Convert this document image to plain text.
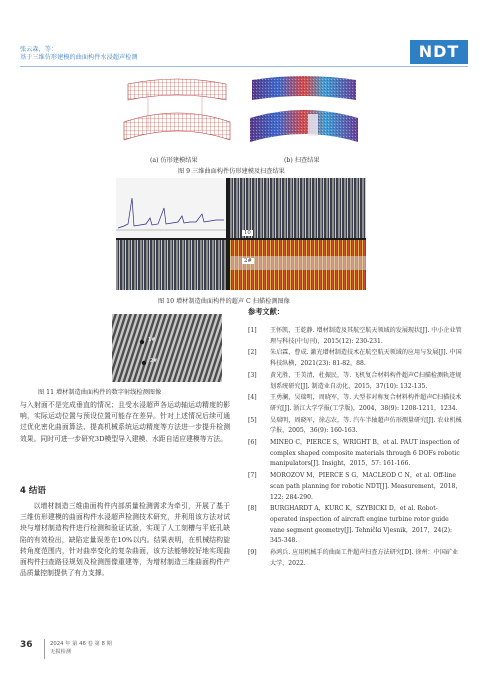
张云森，等：
基于三维仿形建模的曲面构件水浸超声检测	NDT
(a) 仿形建模结果	(b) 扫查结果
图 9 三维曲面构件仿形建模及扫查结果
10
2#
图 10 增材制造曲面构件的超声 C 扫描检测图像
1#
2#
图 11 增材制造曲面构件的数字射线检测图像
与入射面不是完成垂直的情况；且受水浸超声各运动轴运动精度的影响，实际运动位置与预设位置可能存在差异。针对上述情况后续可通过优化密化曲面算法、提高机械系统运动精度等方法进一步提升检测效果。同时可进一步研究3D模型导入建模、水距自适应建模等方法。
4 结语
以增材制造三维曲面构件内部质量检测需求为牵引，开展了基于三维仿形建模的曲面构件水浸超声检测技术研究，并利用该方法对试块与增材制造构件进行检测和验证试验，实现了人工刻槽与平底孔缺陷的有效检出，缺陷定量误差在10%以内。结果表明，在机械结构旋转角度范围内，针对曲率变化的复杂曲面，该方法能够较好地实现曲面构件扫查路径规划及检测图像重建等，为增材制造三维曲面构件产品质量控制提供了有力支撑。
参考文献：
[1] 王怀凯，王乾静. 增材制造及其航空航天领域的发展现状[J]. 中小企业管理与科技(中旬刊)，2015(12): 230-231.
[2] 朱启霖，曹成. 激光增材制造技术在航空航天领域的应用与发展[J]. 中国科技纵横，2021(23): 81-82，88.
[3] 黄光胜，王美清，杜振民，等. 飞机复合材料构件超声C扫描检测轨迹规划系统研究[J]. 制造业自动化，2015，37(10): 132-135.
[4] 王勇澜，吴瑞明，周晓军，等. 大型非对称复合材料构件超声C扫描技术研究[J]. 浙江大学学报(工学版)，2004，38(9): 1208-1211，1234.
[5] 吴瑞明，周晓军，徐志农，等. 汽车半轴超声仿形测量研究[J]. 农业机械学报，2005，36(9): 160-163.
[6] MINEO C，PIERCE S，WRIGHT B，et al. PAUT inspection of complex shaped composite materials through 6 DOFs robotic manipulators[J]. Insight，2015，57: 161-166.
[7] MOROZOV M，PIERCE S G，MACLEOD C N，et al. Off-line scan path planning for robotic NDT[J]. Measurement，2018，122: 284-290.
[8] BURGHARDT A，KURC K，SZYBICKI D，et al. Robot-operated inspection of aircraft engine turbine rotor guide vane segment geometry[J]. Tehnički Vjesnik，2017，24(2): 345-348.
[9] 孙鸿兵. 应用机械手的曲面工件超声扫查方法研究[D]. 徐州：中国矿业大学，2022.
36	2024 年 第 46 卷 第 8 期
无损检测
